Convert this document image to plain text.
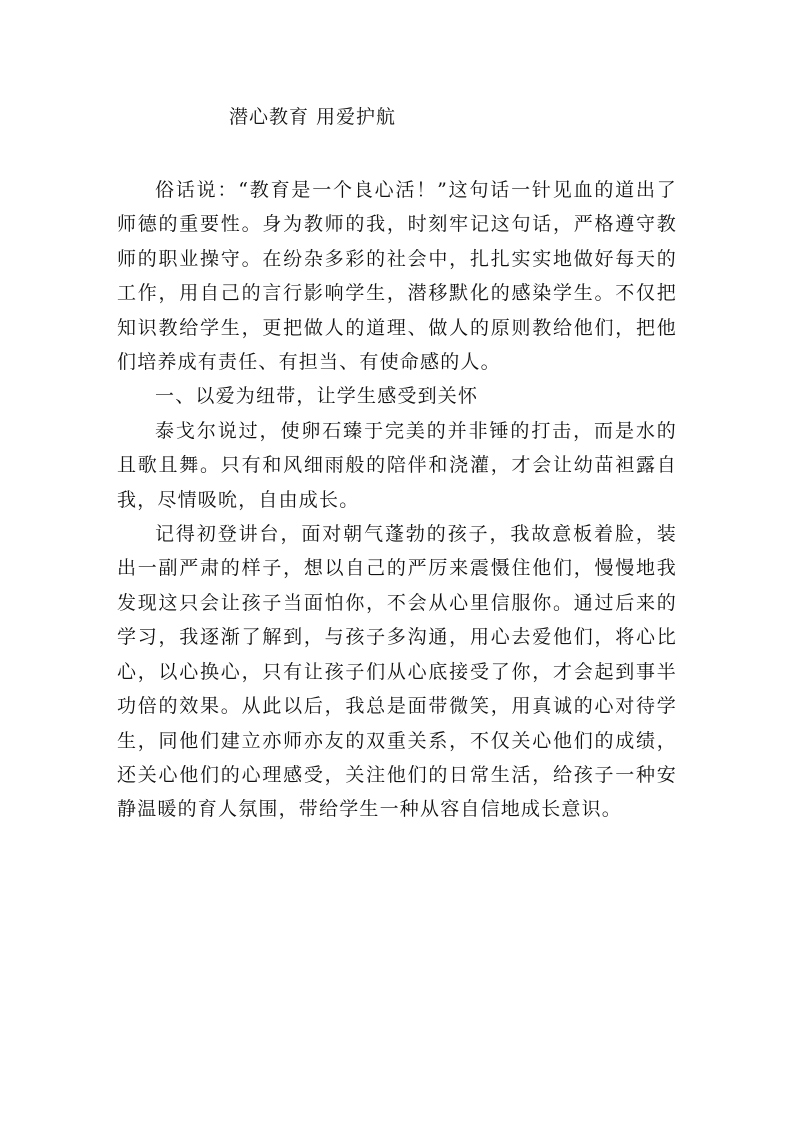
潜心教育 用爱护航

俗话说：“教育是一个良心活！”这句话一针见血的道出了师德的重要性。身为教师的我，时刻牢记这句话，严格遵守教师的职业操守。在纷杂多彩的社会中，扎扎实实地做好每天的工作，用自己的言行影响学生，潜移默化的感染学生。不仅把知识教给学生，更把做人的道理、做人的原则教给他们，把他们培养成有责任、有担当、有使命感的人。

一、以爱为纽带，让学生感受到关怀

泰戈尔说过，使卵石臻于完美的并非锤的打击，而是水的且歌且舞。只有和风细雨般的陪伴和浇灌，才会让幼苗袒露自我，尽情吸吮，自由成长。

记得初登讲台，面对朝气蓬勃的孩子，我故意板着脸，装出一副严肃的样子，想以自己的严厉来震慑住他们，慢慢地我发现这只会让孩子当面怕你，不会从心里信服你。通过后来的学习，我逐渐了解到，与孩子多沟通，用心去爱他们，将心比心，以心换心，只有让孩子们从心底接受了你，才会起到事半功倍的效果。从此以后，我总是面带微笑，用真诚的心对待学生，同他们建立亦师亦友的双重关系，不仅关心他们的成绩，还关心他们的心理感受，关注他们的日常生活，给孩子一种安静温暖的育人氛围，带给学生一种从容自信地成长意识。
